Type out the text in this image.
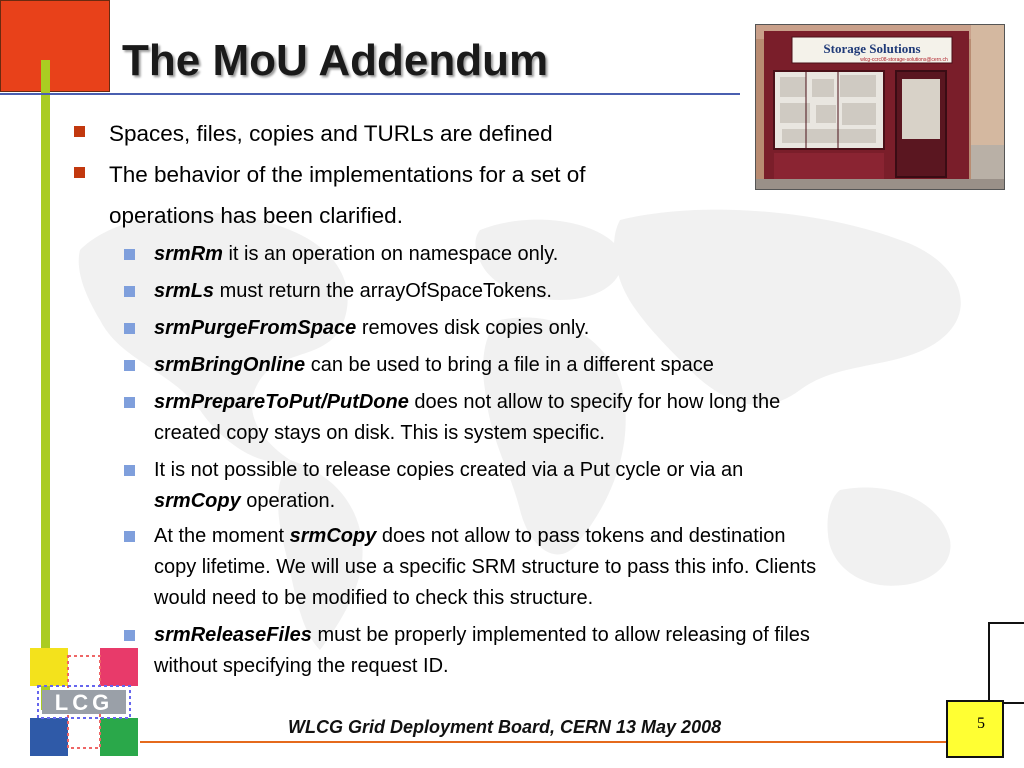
The MoU Addendum	Storage Solutions
wlcg-ccrc08-storage-solutions@cern.ch
Spaces, files, copies and TURLs are defined
The behavior of the implementations for a set of
operations has been clarified.
srmRm it is an operation on namespace only.
srmLs must return the arrayOfSpaceTokens.
srmPurgeFromSpace removes disk copies only.
srmBringOnline can be used to bring a file in a different space
srmPrepareToPut/PutDone does not allow to specify for how long the
created copy stays on disk. This is system specific.
It is not possible to release copies created via a Put cycle or via an
srmCopy operation.
At the moment srmCopy does not allow to pass tokens and destination
copy lifetime. We will use a specific SRM structure to pass this info. Clients
would need to be modified to check this structure.
srmReleaseFiles must be properly implemented to allow releasing of files
without specifying the request ID.
LCG
WLCG Grid Deployment Board, CERN 13 May 2008	5
